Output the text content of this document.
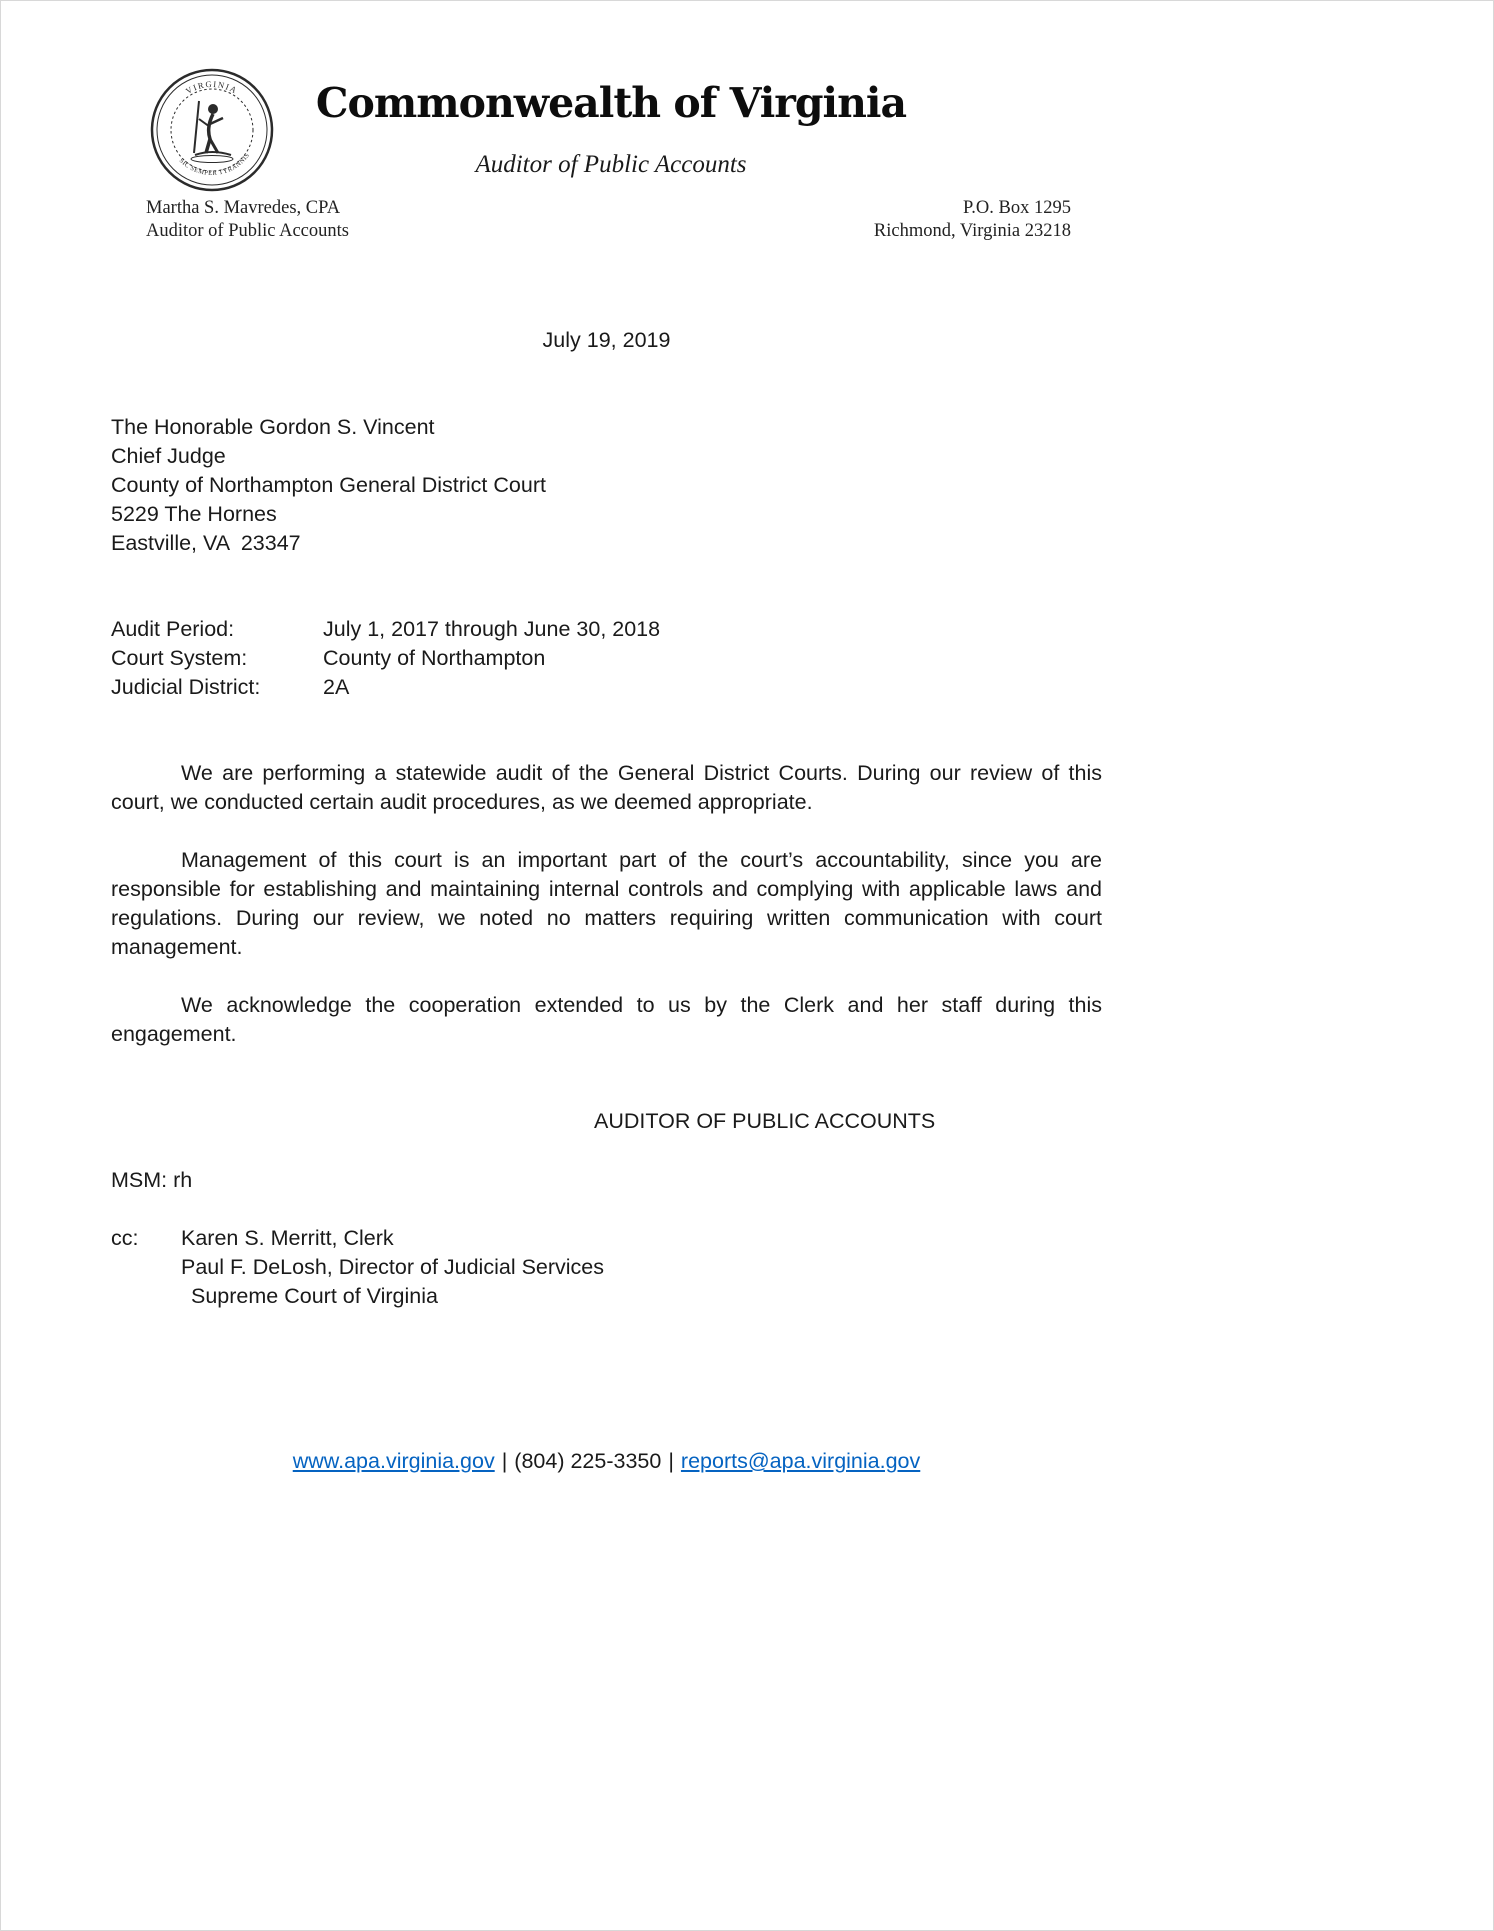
VIRGINIA
SIC SEMPER TYRANNIS
Commonwealth of Virginia
Auditor of Public Accounts
Martha S. Mavredes, CPA
Auditor of Public Accounts
P.O. Box 1295
Richmond, Virginia 23218
July 19, 2019
The Honorable Gordon S. Vincent
Chief Judge
County of Northampton General District Court
5229 The Hornes
Eastville, VA  23347
Audit Period:	July 1, 2017 through June 30, 2018
Court System:	County of Northampton
Judicial District:	2A

We are performing a statewide audit of the General District Courts. During our review of this court, we conducted certain audit procedures, as we deemed appropriate.

Management of this court is an important part of the court’s accountability, since you are responsible for establishing and maintaining internal controls and complying with applicable laws and regulations. During our review, we noted no matters requiring written communication with court management.

We acknowledge the cooperation extended to us by the Clerk and her staff during this engagement.

AUDITOR OF PUBLIC ACCOUNTS
MSM: rh
cc:	Karen S. Merritt, Clerk
Paul F. DeLosh, Director of Judicial Services
Supreme Court of Virginia
www.apa.virginia.gov | (804) 225-3350 | reports@apa.virginia.gov
